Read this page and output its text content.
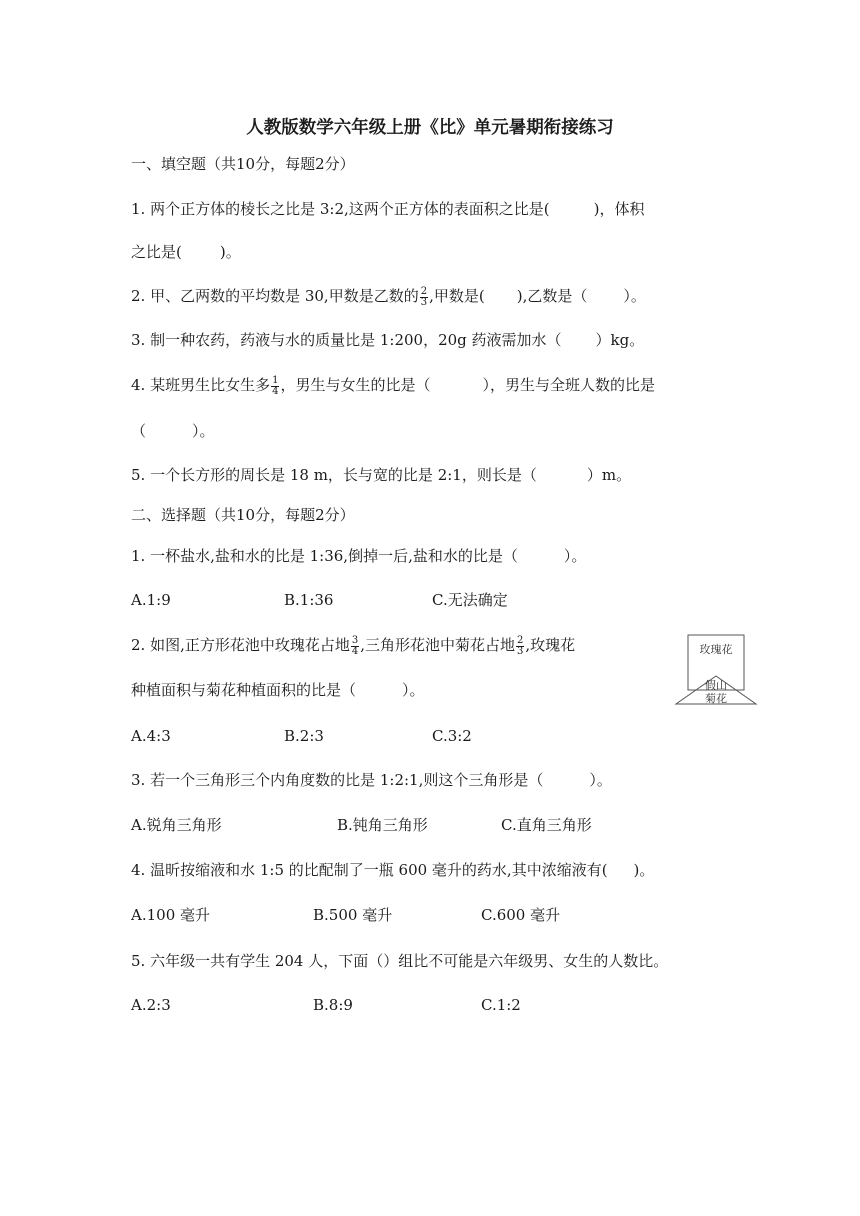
人教版数学六年级上册《比》单元暑期衔接练习
一、填空题（共10分，每题2分）
1. 两个正方体的棱长之比是 3:2,这两个正方体的表面积之比是(	)，体积
之比是(	)。
2. 甲、乙两数的平均数是 30,甲数是乙数的 $\frac{2}{3}$ ,甲数是( ),乙数是（ ）。
3. 制一种农药，药液与水的质量比是 1:200，20g 药液需加水（ ）kg。
4. 某班男生比女生多 $\frac{1}{4}$ ，男生与女生的比是（	），男生与全班人数的比是
（	）。
5. 一个长方形的周长是 18 m，长与宽的比是 2:1，则长是（	）m。
二、选择题（共10分，每题2分）
1. 一杯盐水,盐和水的比是 1:36,倒掉一后,盐和水的比是（	）。
A.1:9	B.1:36	C.无法确定
2. 如图,正方形花池中玫瑰花占地 $\frac{3}{4}$ ,三角形花池中菊花占地 $\frac{2}{3}$ ,玫瑰花
种植面积与菊花种植面积的比是（	）。
A.4:3	B.2:3	C.3:2
玫瑰花
假山
菊花
3. 若一个三角形三个内角度数的比是 1:2:1,则这个三角形是（	）。
A.锐角三角形	B.钝角三角形	C.直角三角形
4. 温昕按缩液和水 1:5 的比配制了一瓶 600 毫升的药水,其中浓缩液有( )。
A.100 毫升	B.500 毫升	C.600 毫升
5. 六年级一共有学生 204 人，下面（）组比不可能是六年级男、女生的人数比。
A.2:3	B.8:9	C.1:2
